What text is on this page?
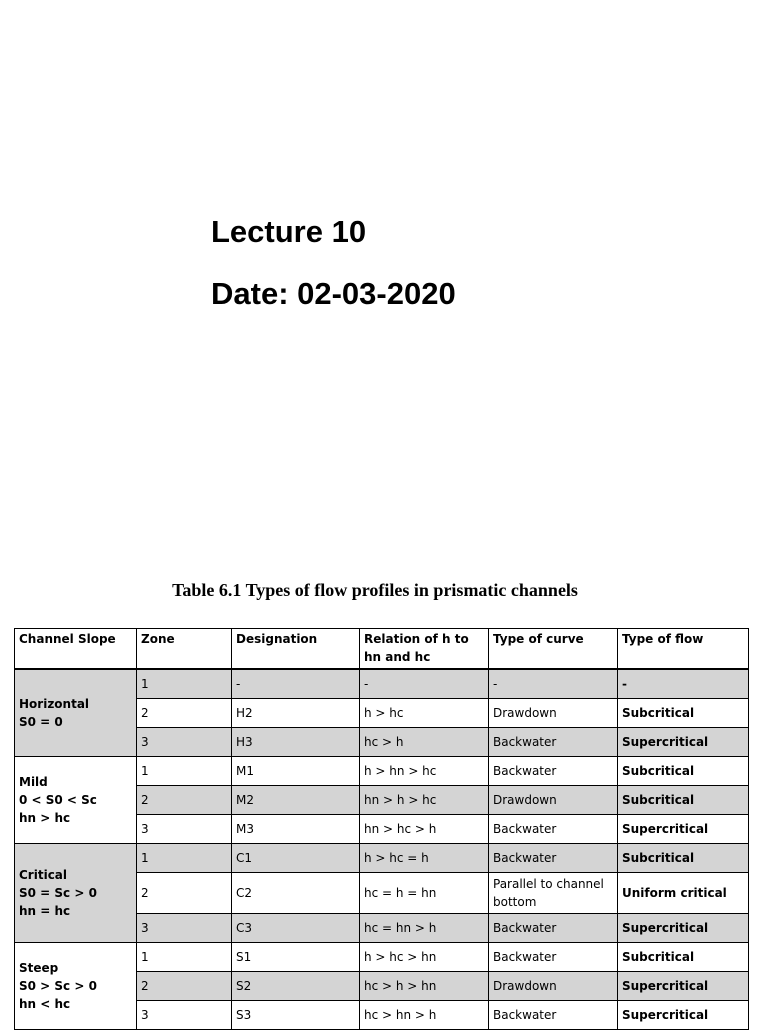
Lecture 10

Date: 02-03-2020

Table 6.1 Types of flow profiles in prismatic channels
Channel Slope	Zone	Designation	Relation of h to hn and hc	Type of curve	Type of flow

Horizontal
S0 = 0	1	-	-	-	-
	2	H2	h > hc	Drawdown	Subcritical
	3	H3	hc > h	Backwater	Supercritical

Mild
0 < S0 < Sc
hn > hc	1	M1	h > hn > hc	Backwater	Subcritical
	2	M2	hn > h > hc	Drawdown	Subcritical
	3	M3	hn > hc > h	Backwater	Supercritical

Critical
S0 = Sc > 0
hn = hc	1	C1	h > hc = h	Backwater	Subcritical
	2	C2	hc = h = hn	Parallel to channel bottom	Uniform critical
	3	C3	hc = hn > h	Backwater	Supercritical

Steep
S0 > Sc > 0
hn < hc	1	S1	h > hc > hn	Backwater	Subcritical
	2	S2	hc > h > hn	Drawdown	Supercritical
	3	S3	hc > hn > h	Backwater	Supercritical
